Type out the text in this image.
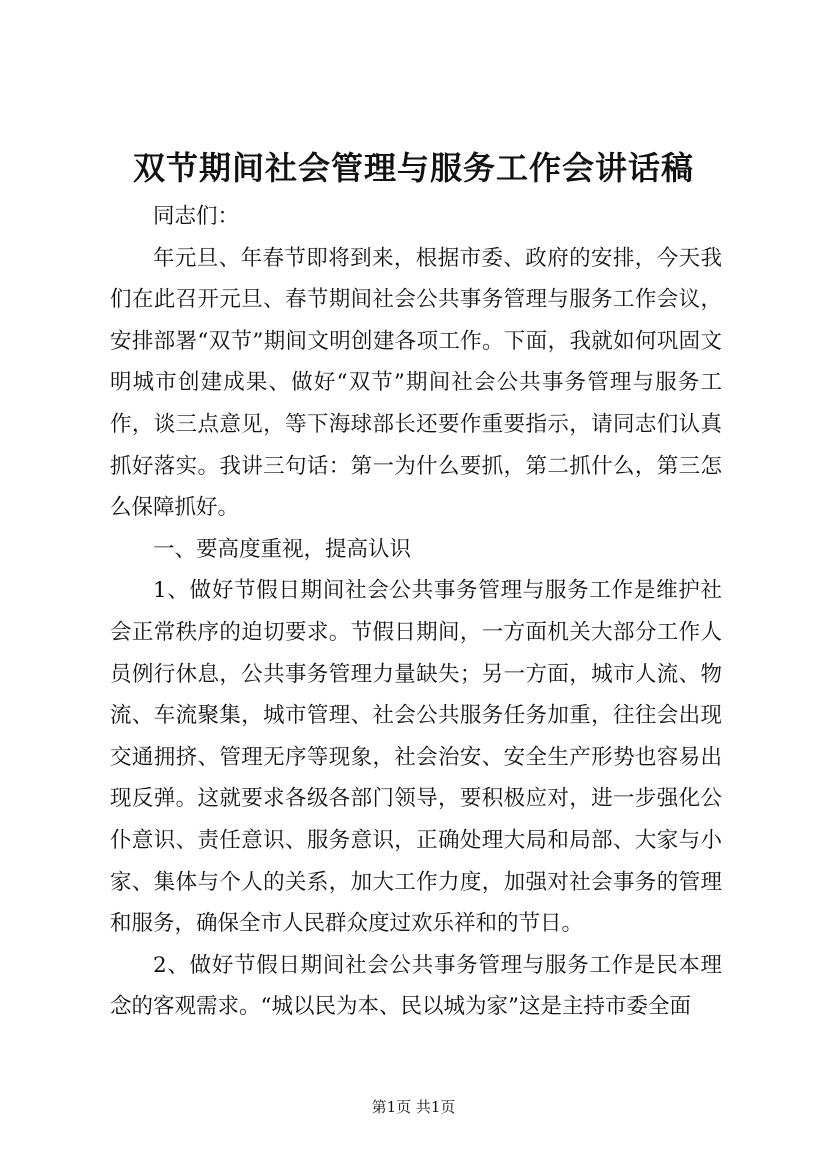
双节期间社会管理与服务工作会讲话稿

同志们：

年元旦、年春节即将到来，根据市委、政府的安排，今天我们在此召开元旦、春节期间社会公共事务管理与服务工作会议，安排部署“双节”期间文明创建各项工作。下面，我就如何巩固文明城市创建成果、做好“双节”期间社会公共事务管理与服务工作，谈三点意见，等下海球部长还要作重要指示，请同志们认真抓好落实。我讲三句话：第一为什么要抓，第二抓什么，第三怎么保障抓好。

一、要高度重视，提高认识

1、做好节假日期间社会公共事务管理与服务工作是维护社会正常秩序的迫切要求。节假日期间，一方面机关大部分工作人员例行休息，公共事务管理力量缺失；另一方面，城市人流、物流、车流聚集，城市管理、社会公共服务任务加重，往往会出现交通拥挤、管理无序等现象，社会治安、安全生产形势也容易出现反弹。这就要求各级各部门领导，要积极应对，进一步强化公仆意识、责任意识、服务意识，正确处理大局和局部、大家与小家、集体与个人的关系，加大工作力度，加强对社会事务的管理和服务，确保全市人民群众度过欢乐祥和的节日。

2、做好节假日期间社会公共事务管理与服务工作是民本理念的客观需求。“城以民为本、民以城为家”这是主持市委全面

第1页 共1页
